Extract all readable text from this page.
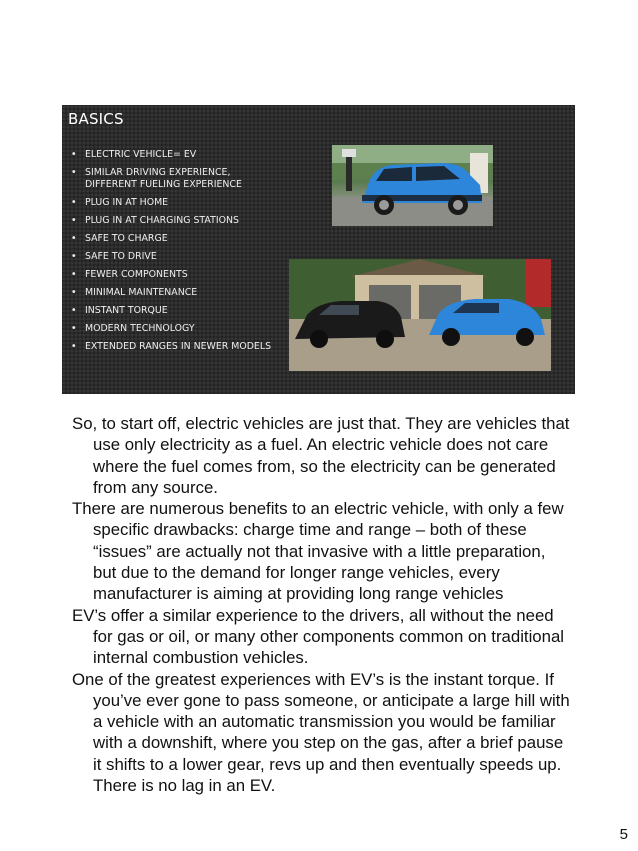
BASICS
• ELECTRIC VEHICLE= EV
• SIMILAR DRIVING EXPERIENCE, DIFFERENT FUELING EXPERIENCE
• PLUG IN AT HOME
• PLUG IN AT CHARGING STATIONS
• SAFE TO CHARGE
• SAFE TO DRIVE
• FEWER COMPONENTS
• MINIMAL MAINTENANCE
• INSTANT TORQUE
• MODERN TECHNOLOGY
• EXTENDED RANGES IN NEWER MODELS

So, to start off, electric vehicles are just that. They are vehicles that use only electricity as a fuel. An electric vehicle does not care where the fuel comes from, so the electricity can be generated from any source.

There are numerous benefits to an electric vehicle, with only a few specific drawbacks: charge time and range – both of these “issues” are actually not that invasive with a little preparation, but due to the demand for longer range vehicles, every manufacturer is aiming at providing long range vehicles

EV’s offer a similar experience to the drivers, all without the need for gas or oil, or many other components common on traditional internal combustion vehicles.

One of the greatest experiences with EV’s is the instant torque. If you’ve ever gone to pass someone, or anticipate a large hill with a vehicle with an automatic transmission you would be familiar with a downshift, where you step on the gas, after a brief pause it shifts to a lower gear, revs up and then eventually speeds up. There is no lag in an EV.

5
